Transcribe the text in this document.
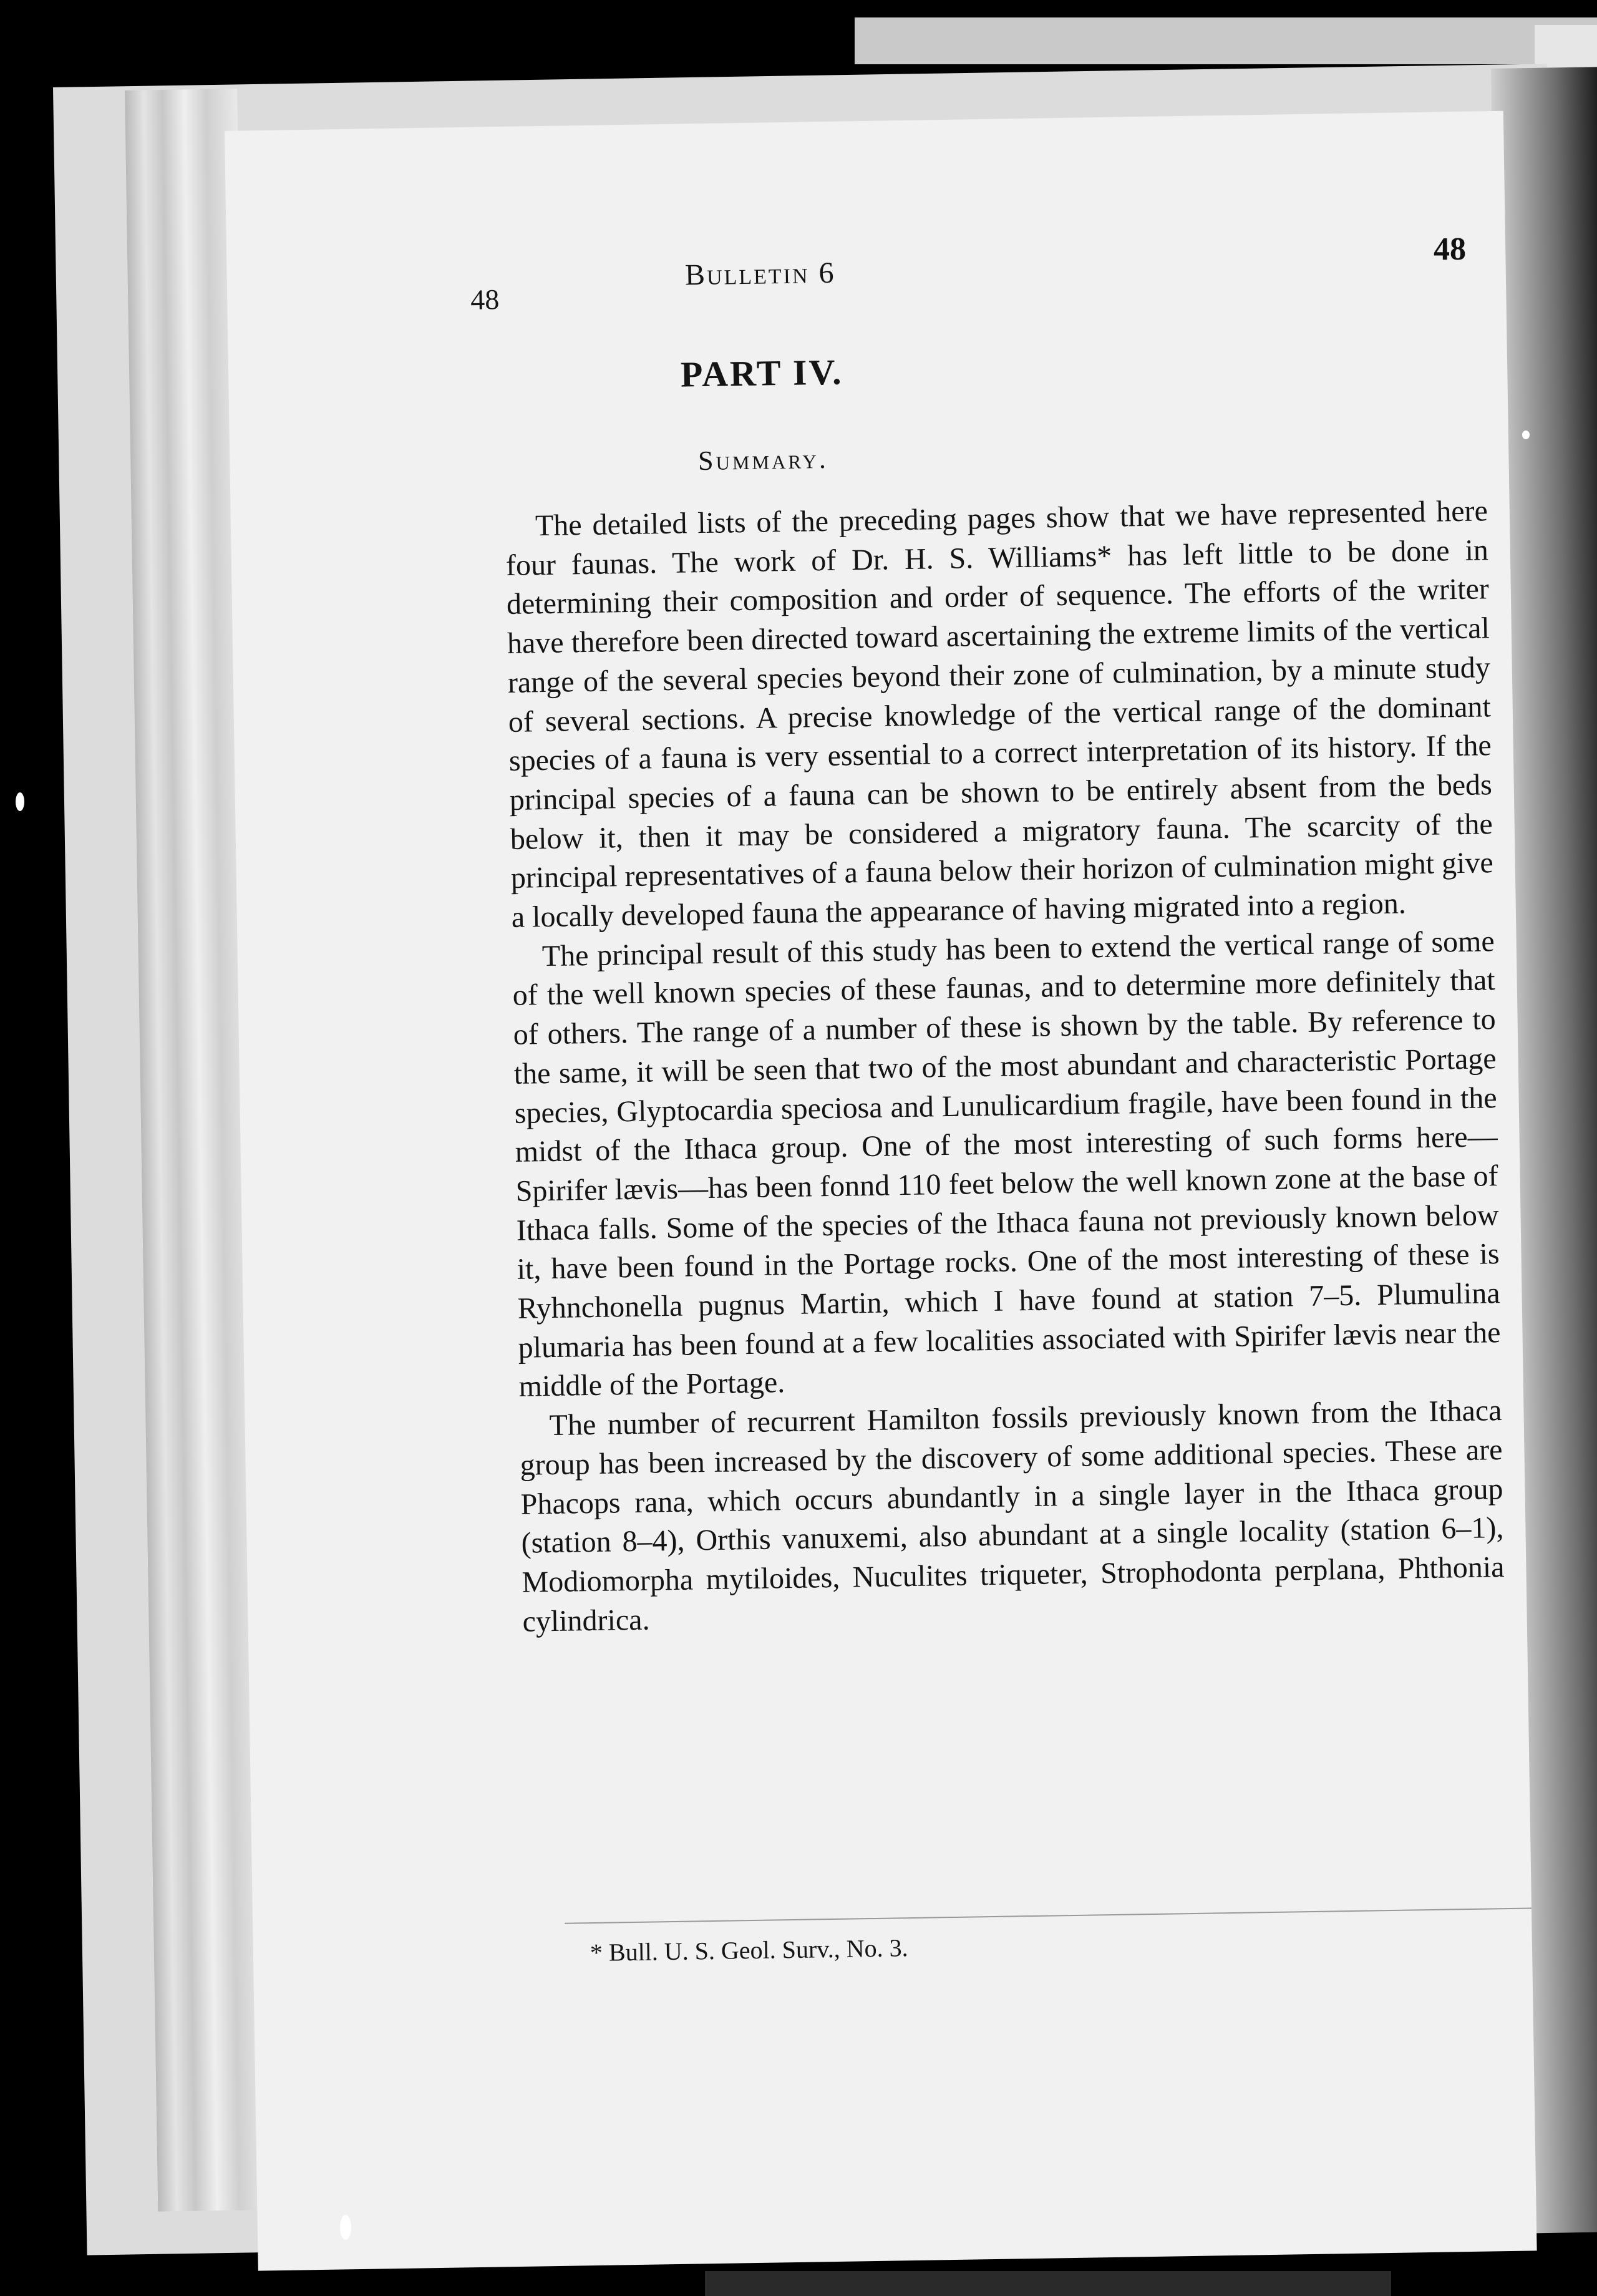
48
Bulletin 6
PART IV.
Summary.

The detailed lists of the preceding pages show that we have represented here four faunas. The work of Dr. H. S. Williams* has left little to be done in determining their composition and order of sequence. The efforts of the writer have therefore been directed toward ascertaining the extreme limits of the vertical range of the several species beyond their zone of culmination, by a minute study of several sections. A precise knowledge of the vertical range of the dominant species of a fauna is very essential to a correct interpretation of its history. If the principal species of a fauna can be shown to be entirely absent from the beds below it, then it may be considered a migratory fauna. The scarcity of the principal representatives of a fauna below their horizon of culmination might give a locally developed fauna the appearance of having migrated into a region.

The principal result of this study has been to extend the vertical range of some of the well known species of these faunas, and to determine more definitely that of others. The range of a number of these is shown by the table. By reference to the same, it will be seen that two of the most abundant and characteristic Portage species, Glyptocardia speciosa and Lunulicardium fragile, have been found in the midst of the Ithaca group. One of the most interesting of such forms here—Spirifer lævis—has been fonnd 110 feet below the well known zone at the base of Ithaca falls. Some of the species of the Ithaca fauna not previously known below it, have been found in the Portage rocks. One of the most interesting of these is Ryhnchonella pugnus Martin, which I have found at station 7–5. Plumulina plumaria has been found at a few localities associated with Spirifer lævis near the middle of the Portage.

The number of recurrent Hamilton fossils previously known from the Ithaca group has been increased by the discovery of some additional species. These are Phacops rana, which occurs abundantly in a single layer in the Ithaca group (station 8–4), Orthis vanuxemi, also abundant at a single locality (station 6–1), Modiomorpha mytiloides, Nuculites triqueter, Strophodonta perplana, Phthonia cylindrica.

* Bull. U. S. Geol. Surv., No. 3.
48
